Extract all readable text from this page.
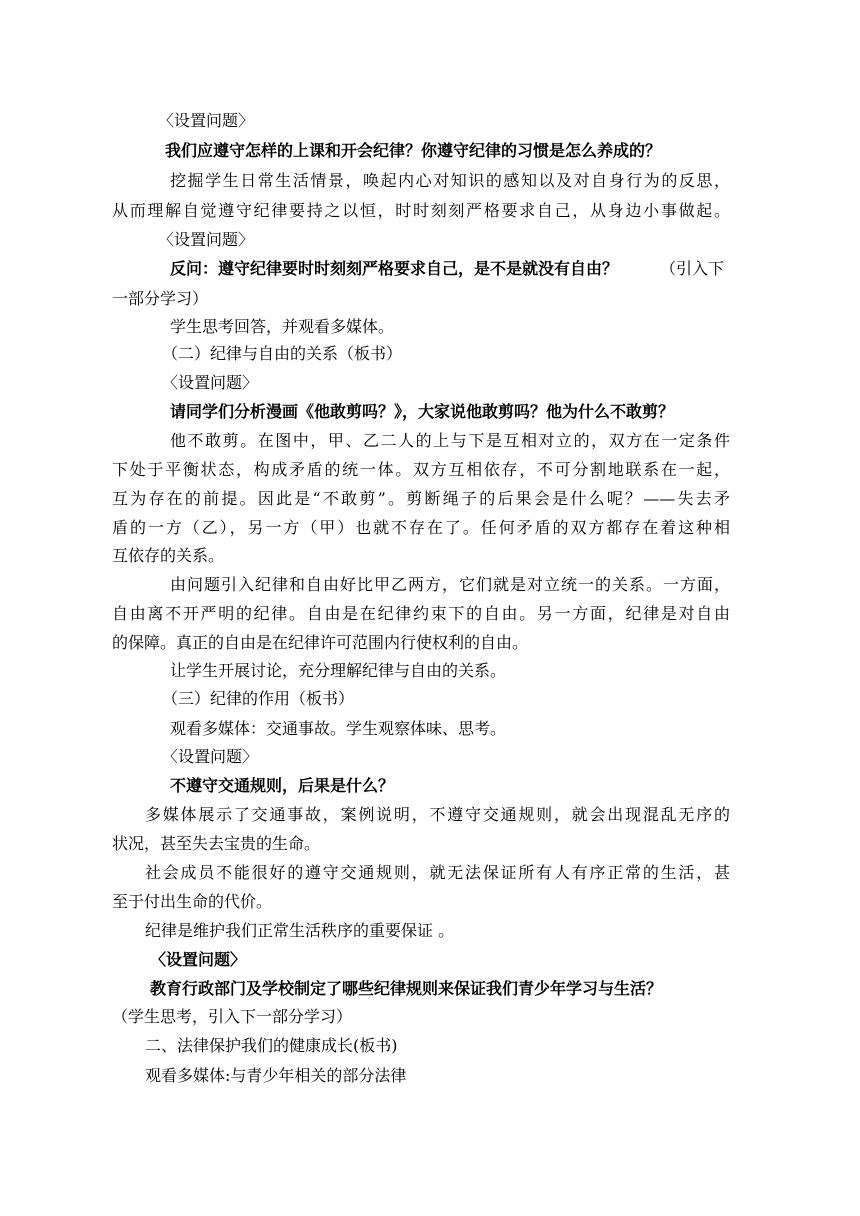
〈设置问题〉
我们应遵守怎样的上课和开会纪律？你遵守纪律的习惯是怎么养成的？
挖掘学生日常生活情景，唤起内心对知识的感知以及对自身行为的反思，
从而理解自觉遵守纪律要持之以恒，时时刻刻严格要求自己，从身边小事做起。
〈设置问题〉
反问：遵守纪律要时时刻刻严格要求自己，是不是就没有自由？	（引入下
一部分学习）
学生思考回答，并观看多媒体。
（二）纪律与自由的关系（板书）
〈设置问题〉
请同学们分析漫画《他敢剪吗？》，大家说他敢剪吗？他为什么不敢剪？
他不敢剪。在图中，甲、乙二人的上与下是互相对立的，双方在一定条件
下处于平衡状态，构成矛盾的统一体。双方互相依存，不可分割地联系在一起，
互为存在的前提。因此是“不敢剪”。剪断绳子的后果会是什么呢？——失去矛
盾的一方（乙），另一方（甲）也就不存在了。任何矛盾的双方都存在着这种相
互依存的关系。
由问题引入纪律和自由好比甲乙两方，它们就是对立统一的关系。一方面，
自由离不开严明的纪律。自由是在纪律约束下的自由。另一方面，纪律是对自由
的保障。真正的自由是在纪律许可范围内行使权利的自由。
让学生开展讨论，充分理解纪律与自由的关系。
（三）纪律的作用（板书）
观看多媒体：交通事故。学生观察体味、思考。
〈设置问题〉
不遵守交通规则，后果是什么？
多媒体展示了交通事故，案例说明，不遵守交通规则，就会出现混乱无序的
状况，甚至失去宝贵的生命。
社会成员不能很好的遵守交通规则，就无法保证所有人有序正常的生活，甚
至于付出生命的代价。
纪律是维护我们正常生活秩序的重要保证 。
〈设置问题〉
教育行政部门及学校制定了哪些纪律规则来保证我们青少年学习与生活？
（学生思考，引入下一部分学习）
二、法律保护我们的健康成长(板书)
观看多媒体:与青少年相关的部分法律
